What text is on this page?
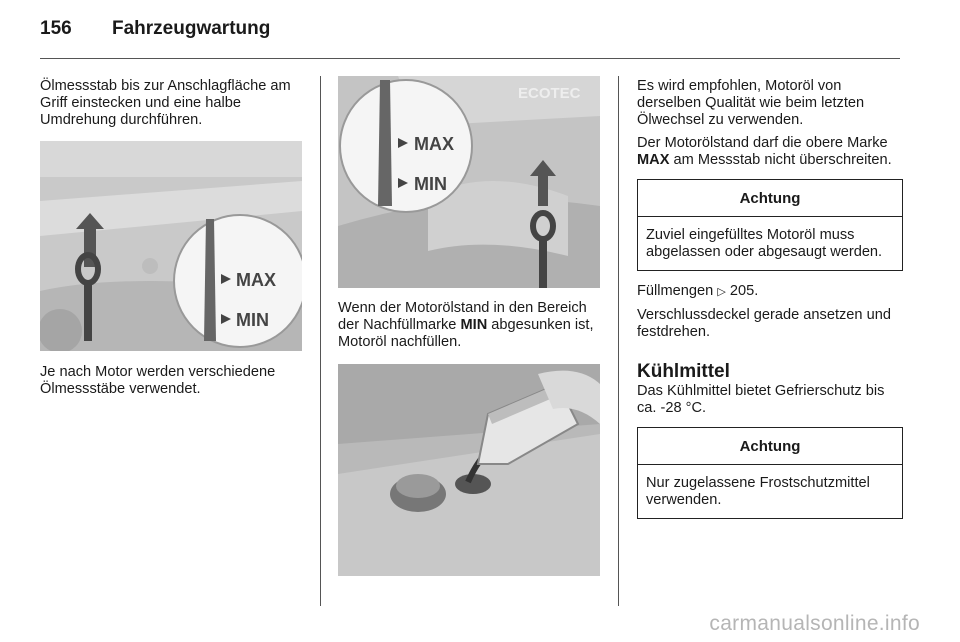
156 Fahrzeugwartung

Ölmessstab bis zur Anschlagfläche am Griff einstecken und eine halbe Umdrehung durchführen.

Je nach Motor werden verschiedene Ölmessstäbe verwendet.

MAX
MIN
ECOTEC
MAX
MIN

Wenn der Motorölstand in den Bereich der Nachfüllmarke MIN abgesunken ist, Motoröl nachfüllen.

Es wird empfohlen, Motoröl von derselben Qualität wie beim letzten Ölwechsel zu verwenden.

Der Motorölstand darf die obere Marke MAX am Messstab nicht überschreiten.

Achtung
Zuviel eingefülltes Motoröl muss abgelassen oder abgesaugt werden.

Füllmengen ▷ 205.

Verschlussdeckel gerade ansetzen und festdrehen.

Kühlmittel

Das Kühlmittel bietet Gefrierschutz bis ca. -28 °C.

Achtung
Nur zugelassene Frostschutzmittel verwenden.
carmanualsonline.info
